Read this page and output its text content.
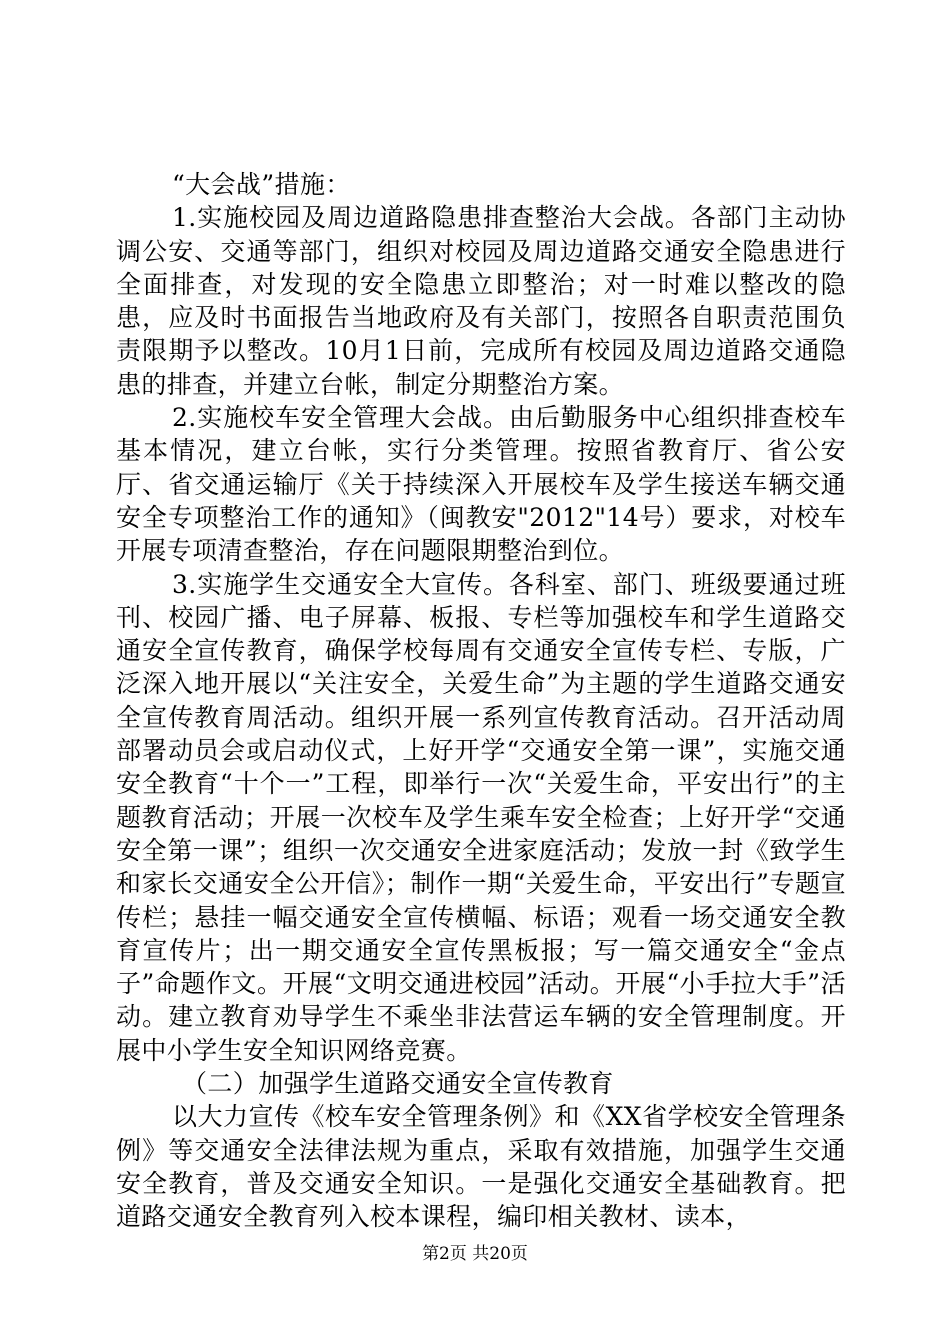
“大会战”措施：

1.实施校园及周边道路隐患排查整治大会战。各部门主动协调公安、交通等部门，组织对校园及周边道路交通安全隐患进行全面排查，对发现的安全隐患立即整治；对一时难以整改的隐患，应及时书面报告当地政府及有关部门，按照各自职责范围负责限期予以整改。10月1日前，完成所有校园及周边道路交通隐患的排查，并建立台帐，制定分期整治方案。

2.实施校车安全管理大会战。由后勤服务中心组织排查校车基本情况，建立台帐，实行分类管理。按照省教育厅、省公安厅、省交通运输厅《关于持续深入开展校车及学生接送车辆交通安全专项整治工作的通知》（闽教安"2012"14号）要求，对校车开展专项清查整治，存在问题限期整治到位。

3.实施学生交通安全大宣传。各科室、部门、班级要通过班刊、校园广播、电子屏幕、板报、专栏等加强校车和学生道路交通安全宣传教育，确保学校每周有交通安全宣传专栏、专版，广泛深入地开展以“关注安全，关爱生命”为主题的学生道路交通安全宣传教育周活动。组织开展一系列宣传教育活动。召开活动周部署动员会或启动仪式，上好开学“交通安全第一课”，实施交通安全教育“十个一”工程，即举行一次“关爱生命，平安出行”的主题教育活动；开展一次校车及学生乘车安全检查；上好开学“交通安全第一课”；组织一次交通安全进家庭活动；发放一封《致学生和家长交通安全公开信》；制作一期“关爱生命，平安出行”专题宣传栏；悬挂一幅交通安全宣传横幅、标语；观看一场交通安全教育宣传片；出一期交通安全宣传黑板报；写一篇交通安全“金点子”命题作文。开展“文明交通进校园”活动。开展“小手拉大手”活动。建立教育劝导学生不乘坐非法营运车辆的安全管理制度。开展中小学生安全知识网络竞赛。

（二）加强学生道路交通安全宣传教育

以大力宣传《校车安全管理条例》和《XX省学校安全管理条例》等交通安全法律法规为重点，采取有效措施，加强学生交通安全教育，普及交通安全知识。一是强化交通安全基础教育。把道路交通安全教育列入校本课程，编印相关教材、读本，

第2页 共20页
